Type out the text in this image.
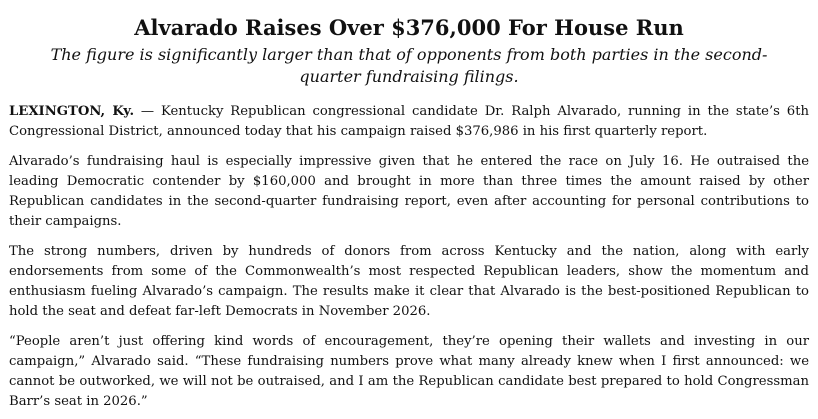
Alvarado Raises Over $376,000 For House Run
The figure is significantly larger than that of opponents from both parties in the second-quarter fundraising filings.

LEXINGTON, Ky. — Kentucky Republican congressional candidate Dr. Ralph Alvarado, running in the state’s 6th Congressional District, announced today that his campaign raised $376,986 in his first quarterly report.

Alvarado’s fundraising haul is especially impressive given that he entered the race on July 16. He outraised the leading Democratic contender by $160,000 and brought in more than three times the amount raised by other Republican candidates in the second-quarter fundraising report, even after accounting for personal contributions to their campaigns.

The strong numbers, driven by hundreds of donors from across Kentucky and the nation, along with early endorsements from some of the Commonwealth’s most respected Republican leaders, show the momentum and enthusiasm fueling Alvarado’s campaign. The results make it clear that Alvarado is the best-positioned Republican to hold the seat and defeat far-left Democrats in November 2026.

“People aren’t just offering kind words of encouragement, they’re opening their wallets and investing in our campaign,” Alvarado said. “These fundraising numbers prove what many already knew when I first announced: we cannot be outworked, we will not be outraised, and I am the Republican candidate best prepared to hold Congressman Barr’s seat in 2026.”
